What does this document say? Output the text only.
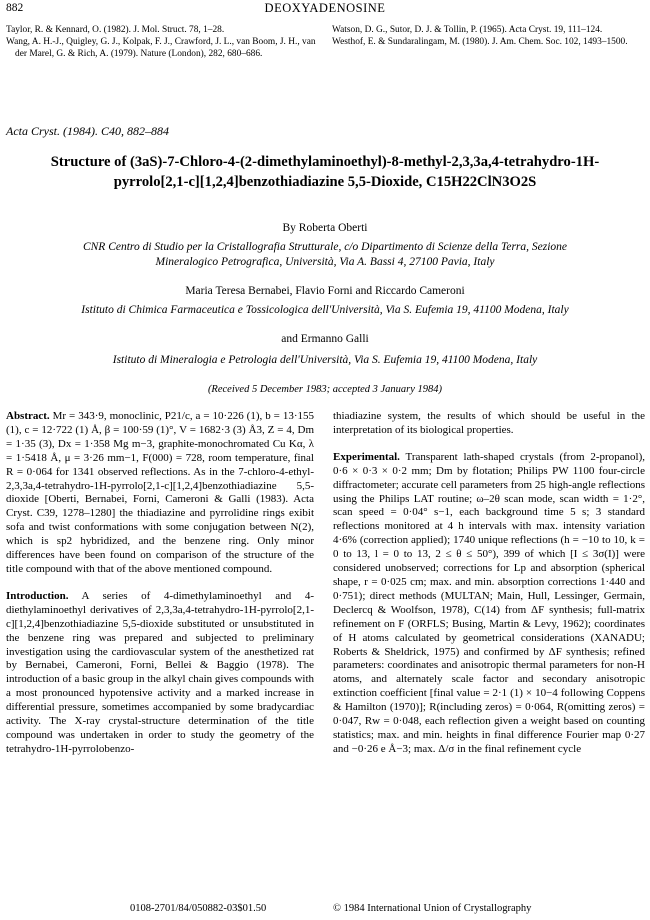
882	DEOXYADENOSINE

Taylor, R. & Kennard, O. (1982). J. Mol. Struct. 78, 1–28.

Wang, A. H.-J., Quigley, G. J., Kolpak, F. J., Crawford, J. L., van Boom, J. H., van der Marel, G. & Rich, A. (1979). Nature (London), 282, 680–686.

Watson, D. G., Sutor, D. J. & Tollin, P. (1965). Acta Cryst. 19, 111–124.

Westhof, E. & Sundaralingam, M. (1980). J. Am. Chem. Soc. 102, 1493–1500.

Acta Cryst. (1984). C40, 882–884
Structure of (3aS)-7-Chloro-4-(2-dimethylaminoethyl)-8-methyl-2,3,3a,4-tetrahydro-1H-
pyrrolo[2,1-c][1,2,4]benzothiadiazine 5,5-Dioxide, C15H22ClN3O2S
By Roberta Oberti
CNR Centro di Studio per la Cristallografia Strutturale, c/o Dipartimento di Scienze della Terra, Sezione
Mineralogico Petrografica, Università, Via A. Bassi 4, 27100 Pavia, Italy
Maria Teresa Bernabei, Flavio Forni and Riccardo Cameroni
Istituto di Chimica Farmaceutica e Tossicologica dell'Università, Via S. Eufemia 19, 41100 Modena, Italy
and Ermanno Galli
Istituto di Mineralogia e Petrologia dell'Università, Via S. Eufemia 19, 41100 Modena, Italy
(Received 5 December 1983; accepted 3 January 1984)

Abstract. Mr = 343·9, monoclinic, P21/c, a = 10·226 (1), b = 13·155 (1), c = 12·722 (1) Å, β = 100·59 (1)°, V = 1682·3 (3) Å3, Z = 4, Dm = 1·35 (3), Dx = 1·358 Mg m−3, graphite-monochromated Cu Kα, λ = 1·5418 Å, μ = 3·26 mm−1, F(000) = 728, room temperature, final R = 0·064 for 1341 observed reflections. As in the 7-chloro-4-ethyl-2,3,3a,4-tetrahydro-1H-pyrrolo[2,1-c][1,2,4]benzothiadiazine 5,5-dioxide [Oberti, Bernabei, Forni, Cameroni & Galli (1983). Acta Cryst. C39, 1278–1280] the thiadiazine and pyrrolidine rings exibit sofa and twist conformations with some conjugation between N(2), which is sp2 hybridized, and the benzene ring. Only minor differences have been found on comparison of the structure of the title compound with that of the above mentioned compound.

Introduction. A series of 4-dimethylaminoethyl and 4-diethylaminoethyl derivatives of 2,3,3a,4-tetrahydro-1H-pyrrolo[2,1-c][1,2,4]benzothiadiazine 5,5-dioxide substituted or unsubstituted in the benzene ring was prepared and subjected to preliminary investigation using the cardiovascular system of the anesthetized rat by Bernabei, Cameroni, Forni, Bellei & Baggio (1978). The introduction of a basic group in the alkyl chain gives compounds with a most pronounced hypotensive activity and a marked increase in differential pressure, sometimes accompanied by some bradycardiac activity. The X-ray crystal-structure determination of the title compound was undertaken in order to study the geometry of the tetrahydro-1H-pyrrolobenzo-

thiadiazine system, the results of which should be useful in the interpretation of its biological properties.

Experimental. Transparent lath-shaped crystals (from 2-propanol), 0·6 × 0·3 × 0·2 mm; Dm by flotation; Philips PW 1100 four-circle diffractometer; accurate cell parameters from 25 high-angle reflections using the Philips LAT routine; ω–2θ scan mode, scan width = 1·2°, scan speed = 0·04° s−1, each background time 5 s; 3 standard reflections monitored at 4 h intervals with max. intensity variation 4·6% (correction applied); 1740 unique reflections (h = −10 to 10, k = 0 to 13, l = 0 to 13, 2 ≤ θ ≤ 50°), 399 of which [I ≤ 3σ(I)] were considered unobserved; corrections for Lp and absorption (spherical shape, r = 0·025 cm; max. and min. absorption corrections 1·440 and 0·751); direct methods (MULTAN; Main, Hull, Lessinger, Germain, Declercq & Woolfson, 1978), C(14) from ΔF synthesis; full-matrix refinement on F (ORFLS; Busing, Martin & Levy, 1962); coordinates of H atoms calculated by geometrical considerations (XANADU; Roberts & Sheldrick, 1975) and confirmed by ΔF synthesis; refined parameters: coordinates and anisotropic thermal parameters for non-H atoms, and alternately scale factor and secondary anisotropic extinction coefficient [final value = 2·1 (1) × 10−4 following Coppens & Hamilton (1970)]; R(including zeros) = 0·064, R(omitting zeros) = 0·047, Rw = 0·048, each reflection given a weight based on counting statistics; max. and min. heights in final difference Fourier map 0·27 and −0·26 e Å−3; max. Δ/σ in the final refinement cycle

0108-2701/84/050882-03$01.50	© 1984 International Union of Crystallography
